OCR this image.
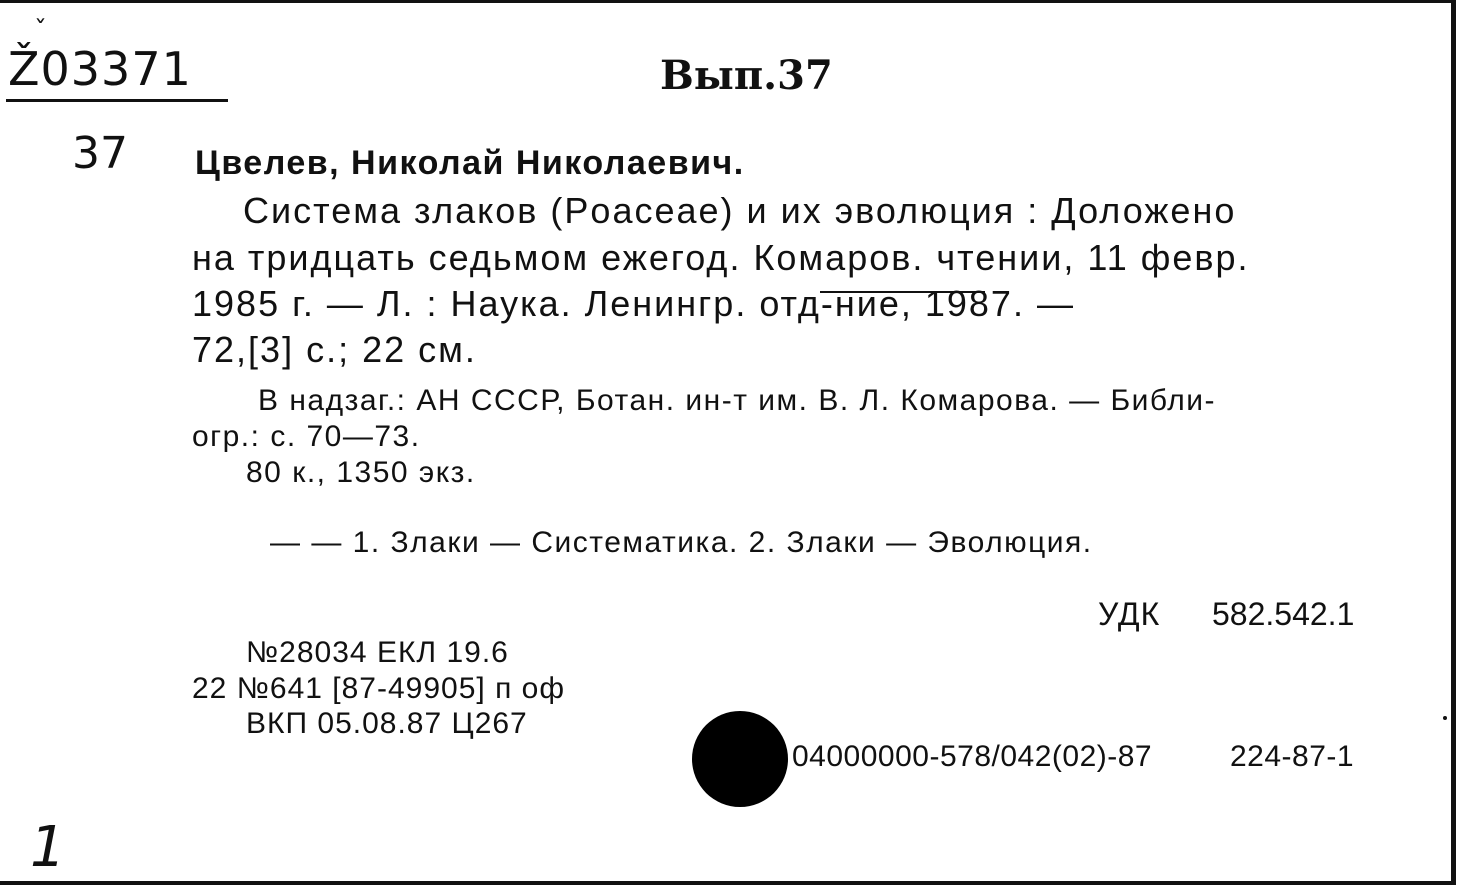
ˇ
Ž03371	Вып.37
37 Цвелев, Николай Николаевич.
Система злаков (Poaceae) и их эволюция : Доложено
на тридцать седьмом ежегод. Комаров. чтении, 11 февр.
1985 г. — Л. : Наука. Ленингр. отд-ние, 1987. —
72,[3] с.; 22 см.
В надзаг.: АН СССР, Ботан. ин-т им. В. Л. Комарова. — Библи-
огр.: с. 70—73.
80 к., 1350 экз.
— — 1. Злаки — Систематика. 2. Злаки — Эволюция.
УДК 582.542.1
№28034 ЕКЛ 19.6
22 №641 [87-49905] п оф
ВКП 05.08.87 Ц267
04000000-578/042(02)-87	224-87-1
1
